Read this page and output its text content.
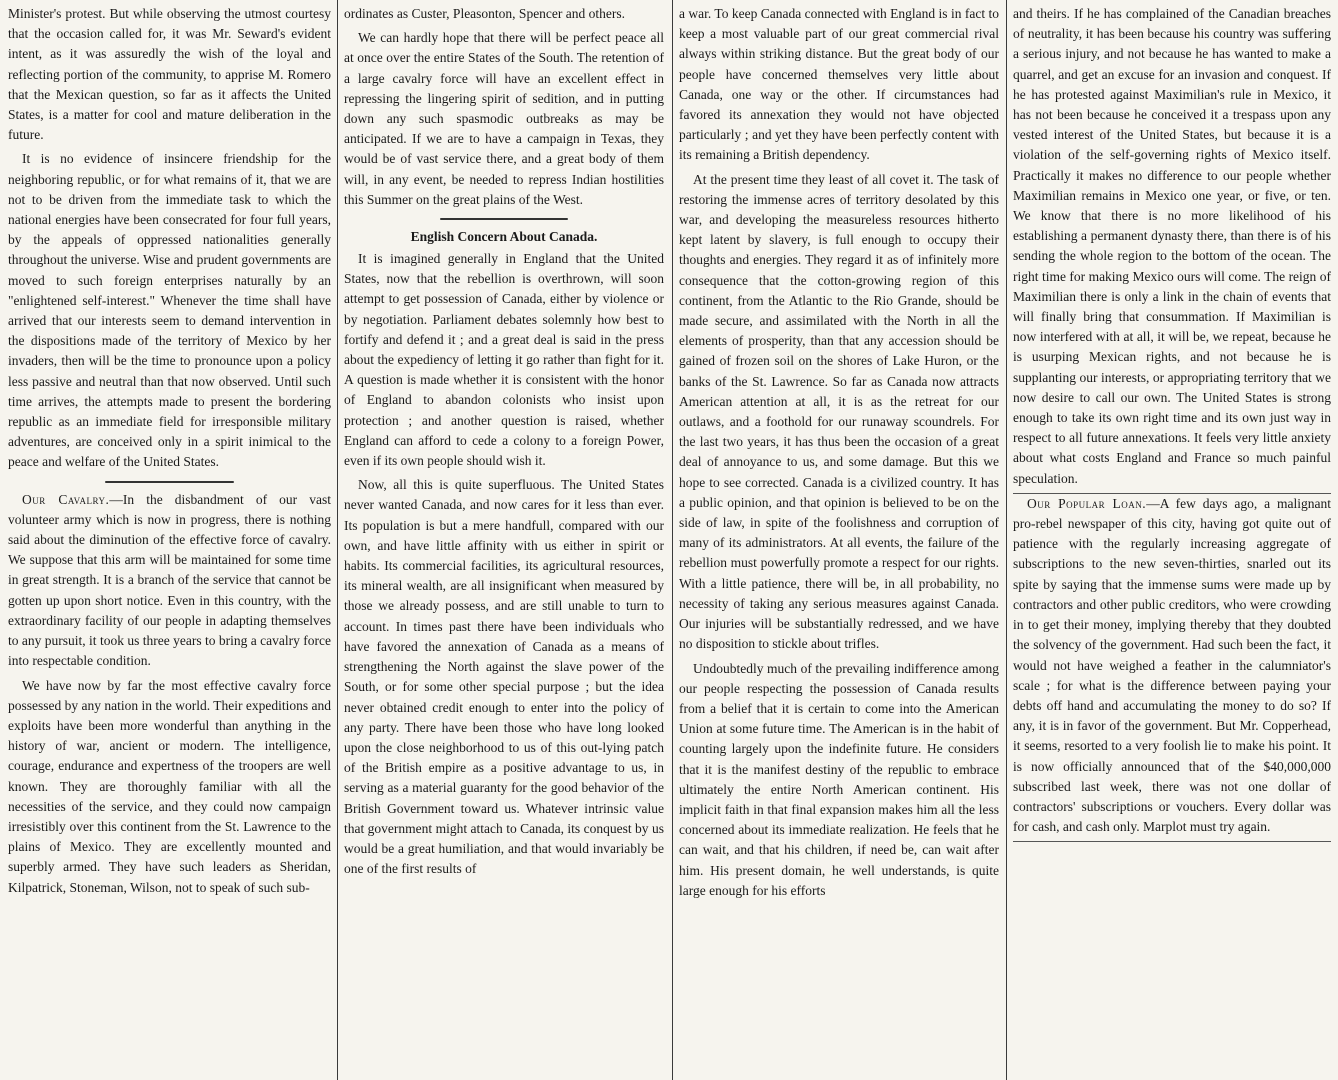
Minister's protest. But while observing the utmost courtesy that the occasion called for, it was Mr. Seward's evident intent, as it was assuredly the wish of the loyal and reflecting portion of the community, to apprise M. Romero that the Mexican question, so far as it affects the United States, is a matter for cool and mature deliberation in the future.

It is no evidence of insincere friendship for the neighboring republic, or for what remains of it, that we are not to be driven from the immediate task to which the national energies have been consecrated for four full years, by the appeals of oppressed nationalities generally throughout the universe. Wise and prudent governments are moved to such foreign enterprises naturally by an "enlightened self-interest." Whenever the time shall have arrived that our interests seem to demand intervention in the dispositions made of the territory of Mexico by her invaders, then will be the time to pronounce upon a policy less passive and neutral than that now observed. Until such time arrives, the attempts made to present the bordering republic as an immediate field for irresponsible military adventures, are conceived only in a spirit inimical to the peace and welfare of the United States.

Our Cavalry.—In the disbandment of our vast volunteer army which is now in progress, there is nothing said about the diminution of the effective force of cavalry. We suppose that this arm will be maintained for some time in great strength. It is a branch of the service that cannot be gotten up upon short notice. Even in this country, with the extraordinary facility of our people in adapting themselves to any pursuit, it took us three years to bring a cavalry force into respectable condition.

We have now by far the most effective cavalry force possessed by any nation in the world. Their expeditions and exploits have been more wonderful than anything in the history of war, ancient or modern. The intelligence, courage, endurance and expertness of the troopers are well known. They are thoroughly familiar with all the necessities of the service, and they could now campaign irresistibly over this continent from the St. Lawrence to the plains of Mexico. They are excellently mounted and superbly armed. They have such leaders as Sheridan, Kilpatrick, Stoneman, Wilson, not to speak of such sub-

ordinates as Custer, Pleasonton, Spencer and others.

We can hardly hope that there will be perfect peace all at once over the entire States of the South. The retention of a large cavalry force will have an excellent effect in repressing the lingering spirit of sedition, and in putting down any such spasmodic outbreaks as may be anticipated. If we are to have a campaign in Texas, they would be of vast service there, and a great body of them will, in any event, be needed to repress Indian hostilities this Summer on the great plains of the West.

English Concern About Canada.

It is imagined generally in England that the United States, now that the rebellion is overthrown, will soon attempt to get possession of Canada, either by violence or by negotiation. Parliament debates solemnly how best to fortify and defend it ; and a great deal is said in the press about the expediency of letting it go rather than fight for it. A question is made whether it is consistent with the honor of England to abandon colonists who insist upon protection ; and another question is raised, whether England can afford to cede a colony to a foreign Power, even if its own people should wish it.

Now, all this is quite superfluous. The United States never wanted Canada, and now cares for it less than ever. Its population is but a mere handfull, compared with our own, and have little affinity with us either in spirit or habits. Its commercial facilities, its agricultural resources, its mineral wealth, are all insignificant when measured by those we already possess, and are still unable to turn to account. In times past there have been individuals who have favored the annexation of Canada as a means of strengthening the North against the slave power of the South, or for some other special purpose ; but the idea never obtained credit enough to enter into the policy of any party. There have been those who have long looked upon the close neighborhood to us of this out-lying patch of the British empire as a positive advantage to us, in serving as a material guaranty for the good behavior of the British Government toward us. Whatever intrinsic value that government might attach to Canada, its conquest by us would be a great humiliation, and that would invariably be one of the first results of

a war. To keep Canada connected with England is in fact to keep a most valuable part of our great commercial rival always within striking distance. But the great body of our people have concerned themselves very little about Canada, one way or the other. If circumstances had favored its annexation they would not have objected particularly ; and yet they have been perfectly content with its remaining a British dependency.

At the present time they least of all covet it. The task of restoring the immense acres of territory desolated by this war, and developing the measureless resources hitherto kept latent by slavery, is full enough to occupy their thoughts and energies. They regard it as of infinitely more consequence that the cotton-growing region of this continent, from the Atlantic to the Rio Grande, should be made secure, and assimilated with the North in all the elements of prosperity, than that any accession should be gained of frozen soil on the shores of Lake Huron, or the banks of the St. Lawrence. So far as Canada now attracts American attention at all, it is as the retreat for our outlaws, and a foothold for our runaway scoundrels. For the last two years, it has thus been the occasion of a great deal of annoyance to us, and some damage. But this we hope to see corrected. Canada is a civilized country. It has a public opinion, and that opinion is believed to be on the side of law, in spite of the foolishness and corruption of many of its administrators. At all events, the failure of the rebellion must powerfully promote a respect for our rights. With a little patience, there will be, in all probability, no necessity of taking any serious measures against Canada. Our injuries will be substantially redressed, and we have no disposition to stickle about trifles.

Undoubtedly much of the prevailing indifference among our people respecting the possession of Canada results from a belief that it is certain to come into the American Union at some future time. The American is in the habit of counting largely upon the indefinite future. He considers that it is the manifest destiny of the republic to embrace ultimately the entire North American continent. His implicit faith in that final expansion makes him all the less concerned about its immediate realization. He feels that he can wait, and that his children, if need be, can wait after him. His present domain, he well understands, is quite large enough for his efforts

and theirs. If he has complained of the Canadian breaches of neutrality, it has been because his country was suffering a serious injury, and not because he has wanted to make a quarrel, and get an excuse for an invasion and conquest. If he has protested against Maximilian's rule in Mexico, it has not been because he conceived it a trespass upon any vested interest of the United States, but because it is a violation of the self-governing rights of Mexico itself. Practically it makes no difference to our people whether Maximilian remains in Mexico one year, or five, or ten. We know that there is no more likelihood of his establishing a permanent dynasty there, than there is of his sending the whole region to the bottom of the ocean. The right time for making Mexico ours will come. The reign of Maximilian there is only a link in the chain of events that will finally bring that consummation. If Maximilian is now interfered with at all, it will be, we repeat, because he is usurping Mexican rights, and not because he is supplanting our interests, or appropriating territory that we now desire to call our own. The United States is strong enough to take its own right time and its own just way in respect to all future annexations. It feels very little anxiety about what costs England and France so much painful speculation.

Our Popular Loan.—A few days ago, a malignant pro-rebel newspaper of this city, having got quite out of patience with the regularly increasing aggregate of subscriptions to the new seven-thirties, snarled out its spite by saying that the immense sums were made up by contractors and other public creditors, who were crowding in to get their money, implying thereby that they doubted the solvency of the government. Had such been the fact, it would not have weighed a feather in the calumniator's scale ; for what is the difference between paying your debts off hand and accumulating the money to do so? If any, it is in favor of the government. But Mr. Copperhead, it seems, resorted to a very foolish lie to make his point. It is now officially announced that of the $40,000,000 subscribed last week, there was not one dollar of contractors' subscriptions or vouchers. Every dollar was for cash, and cash only. Marplot must try again.
